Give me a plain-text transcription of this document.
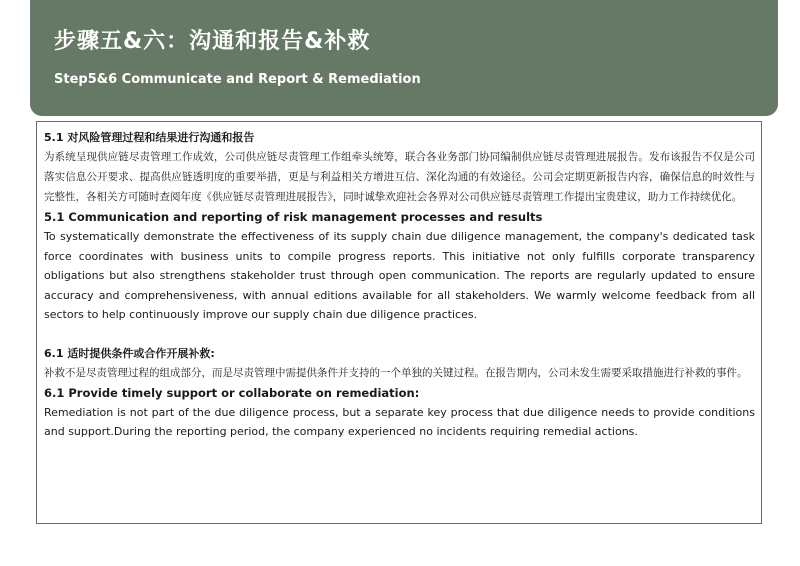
步骤五&六：沟通和报告&补救
Step5&6 Communicate and Report & Remediation

5.1 对风险管理过程和结果进行沟通和报告

为系统呈现供应链尽责管理工作成效，公司供应链尽责管理工作组牵头统筹，联合各业务部门协同编制供应链尽责管理进展报告。发布该报告不仅是公司落实信息公开要求、提高供应链透明度的重要举措，更是与利益相关方增进互信、深化沟通的有效途径。公司会定期更新报告内容，确保信息的时效性与完整性，各相关方可随时查阅年度《供应链尽责管理进展报告》，同时诚挚欢迎社会各界对公司供应链尽责管理工作提出宝贵建议，助力工作持续优化。

5.1 Communication and reporting of risk management processes and results

To systematically demonstrate the effectiveness of its supply chain due diligence management, the company's dedicated task force coordinates with business units to compile progress reports. This initiative not only fulfills corporate transparency obligations but also strengthens stakeholder trust through open communication. The reports are regularly updated to ensure accuracy and comprehensiveness, with annual editions available for all stakeholders. We warmly welcome feedback from all sectors to help continuously improve our supply chain due diligence practices.

6.1 适时提供条件或合作开展补救:

补救不是尽责管理过程的组成部分，而是尽责管理中需提供条件并支持的一个单独的关键过程。在报告期内，公司未发生需要采取措施进行补救的事件。

6.1 Provide timely support or collaborate on remediation:

Remediation is not part of the due diligence process, but a separate key process that due diligence needs to provide conditions and support.During the reporting period, the company experienced no incidents requiring remedial actions.
